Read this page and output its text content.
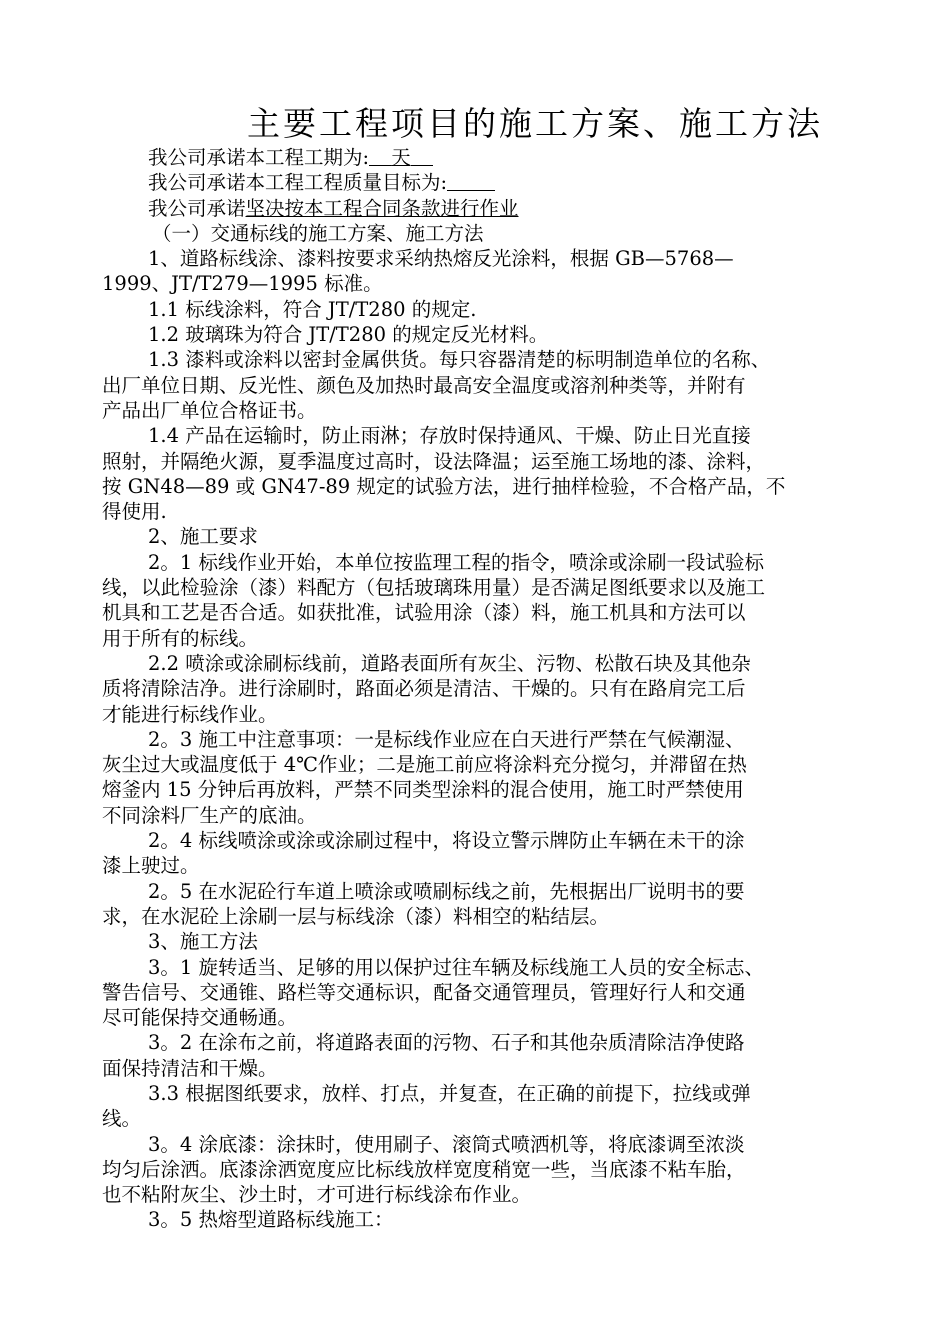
主要工程项目的施工方案、施工方法
我公司承诺本工程工期为: 天
我公司承诺本工程工程质量目标为:
我公司承诺坚决按本工程合同条款进行作业
（一）交通标线的施工方案、施工方法
1、道路标线涂、漆料按要求采纳热熔反光涂料，根据 GB—5768—
1999、JT/T279—1995 标准。
1.1 标线涂料，符合 JT/T280 的规定.
1.2 玻璃珠为符合 JT/T280 的规定反光材料。
1.3 漆料或涂料以密封金属供货。每只容器清楚的标明制造单位的名称、
出厂单位日期、反光性、颜色及加热时最高安全温度或溶剂种类等，并附有
产品出厂单位合格证书。
1.4 产品在运输时，防止雨淋；存放时保持通风、干燥、防止日光直接
照射，并隔绝火源，夏季温度过高时，设法降温；运至施工场地的漆、涂料，
按 GN48—89 或 GN47-89 规定的试验方法，进行抽样检验，不合格产品，不
得使用.
2、施工要求
2。1 标线作业开始，本单位按监理工程的指令，喷涂或涂刷一段试验标
线，以此检验涂（漆）料配方（包括玻璃珠用量）是否满足图纸要求以及施工
机具和工艺是否合适。如获批准，试验用涂（漆）料，施工机具和方法可以
用于所有的标线。
2.2 喷涂或涂刷标线前，道路表面所有灰尘、污物、松散石块及其他杂
质将清除洁净。进行涂刷时，路面必须是清洁、干燥的。只有在路肩完工后
才能进行标线作业。
2。3 施工中注意事项：一是标线作业应在白天进行严禁在气候潮湿、
灰尘过大或温度低于 4℃作业；二是施工前应将涂料充分搅匀，并滞留在热
熔釜内 15 分钟后再放料，严禁不同类型涂料的混合使用，施工时严禁使用
不同涂料厂生产的底油。
2。4 标线喷涂或涂或涂刷过程中，将设立警示牌防止车辆在未干的涂
漆上驶过。
2。5 在水泥砼行车道上喷涂或喷刷标线之前，先根据出厂说明书的要
求，在水泥砼上涂刷一层与标线涂（漆）料相空的粘结层。
3、施工方法
3。1 旋转适当、足够的用以保护过往车辆及标线施工人员的安全标志、
警告信号、交通锥、路栏等交通标识，配备交通管理员，管理好行人和交通
尽可能保持交通畅通。
3。2 在涂布之前，将道路表面的污物、石子和其他杂质清除洁净使路
面保持清洁和干燥。
3.3 根据图纸要求，放样、打点，并复查，在正确的前提下，拉线或弹
线。
3。4 涂底漆：涂抹时，使用刷子、滚筒式喷洒机等，将底漆调至浓淡
均匀后涂洒。底漆涂洒宽度应比标线放样宽度稍宽一些，当底漆不粘车胎，
也不粘附灰尘、沙土时，才可进行标线涂布作业。
3。5 热熔型道路标线施工：
